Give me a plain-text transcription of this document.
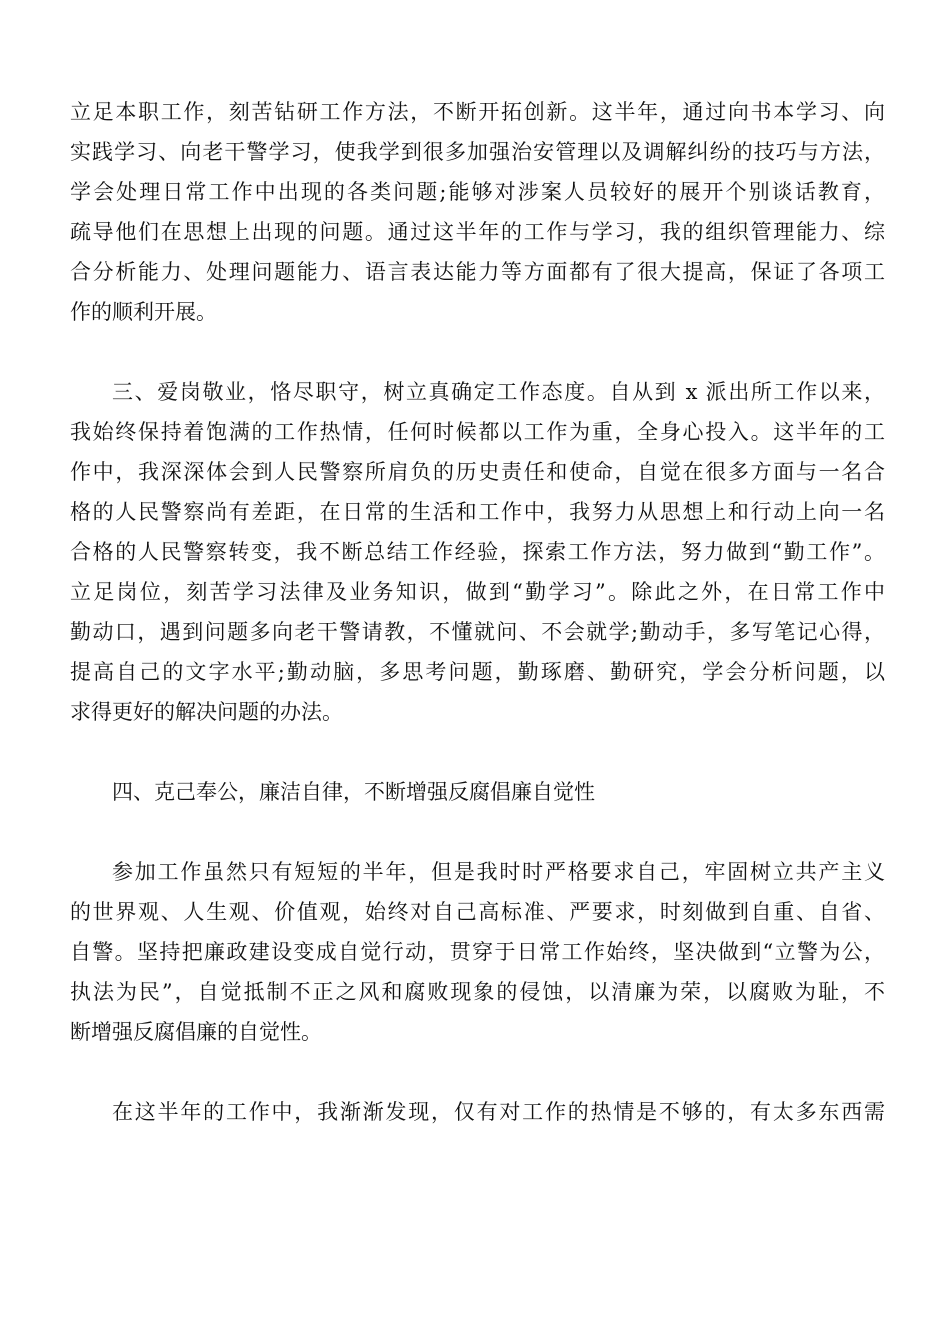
立足本职工作，刻苦钻研工作方法，不断开拓创新。这半年，通过向书本学习、向
实践学习、向老干警学习，使我学到很多加强治安管理以及调解纠纷的技巧与方法，
学会处理日常工作中出现的各类问题;能够对涉案人员较好的展开个别谈话教育，
疏导他们在思想上出现的问题。通过这半年的工作与学习，我的组织管理能力、综
合分析能力、处理问题能力、语言表达能力等方面都有了很大提高，保证了各项工
作的顺利开展。
三、爱岗敬业，恪尽职守，树立真确定工作态度。自从到 x 派出所工作以来，
我始终保持着饱满的工作热情，任何时候都以工作为重，全身心投入。这半年的工
作中，我深深体会到人民警察所肩负的历史责任和使命，自觉在很多方面与一名合
格的人民警察尚有差距，在日常的生活和工作中，我努力从思想上和行动上向一名
合格的人民警察转变，我不断总结工作经验，探索工作方法，努力做到“勤工作”。
立足岗位，刻苦学习法律及业务知识，做到“勤学习”。除此之外，在日常工作中
勤动口，遇到问题多向老干警请教，不懂就问、不会就学;勤动手，多写笔记心得，
提高自己的文字水平;勤动脑，多思考问题，勤琢磨、勤研究，学会分析问题，以
求得更好的解决问题的办法。
四、克己奉公，廉洁自律，不断增强反腐倡廉自觉性
参加工作虽然只有短短的半年，但是我时时严格要求自己，牢固树立共产主义
的世界观、人生观、价值观，始终对自己高标准、严要求，时刻做到自重、自省、
自警。坚持把廉政建设变成自觉行动，贯穿于日常工作始终，坚决做到“立警为公，
执法为民”，自觉抵制不正之风和腐败现象的侵蚀，以清廉为荣，以腐败为耻，不
断增强反腐倡廉的自觉性。
在这半年的工作中，我渐渐发现，仅有对工作的热情是不够的，有太多东西需
